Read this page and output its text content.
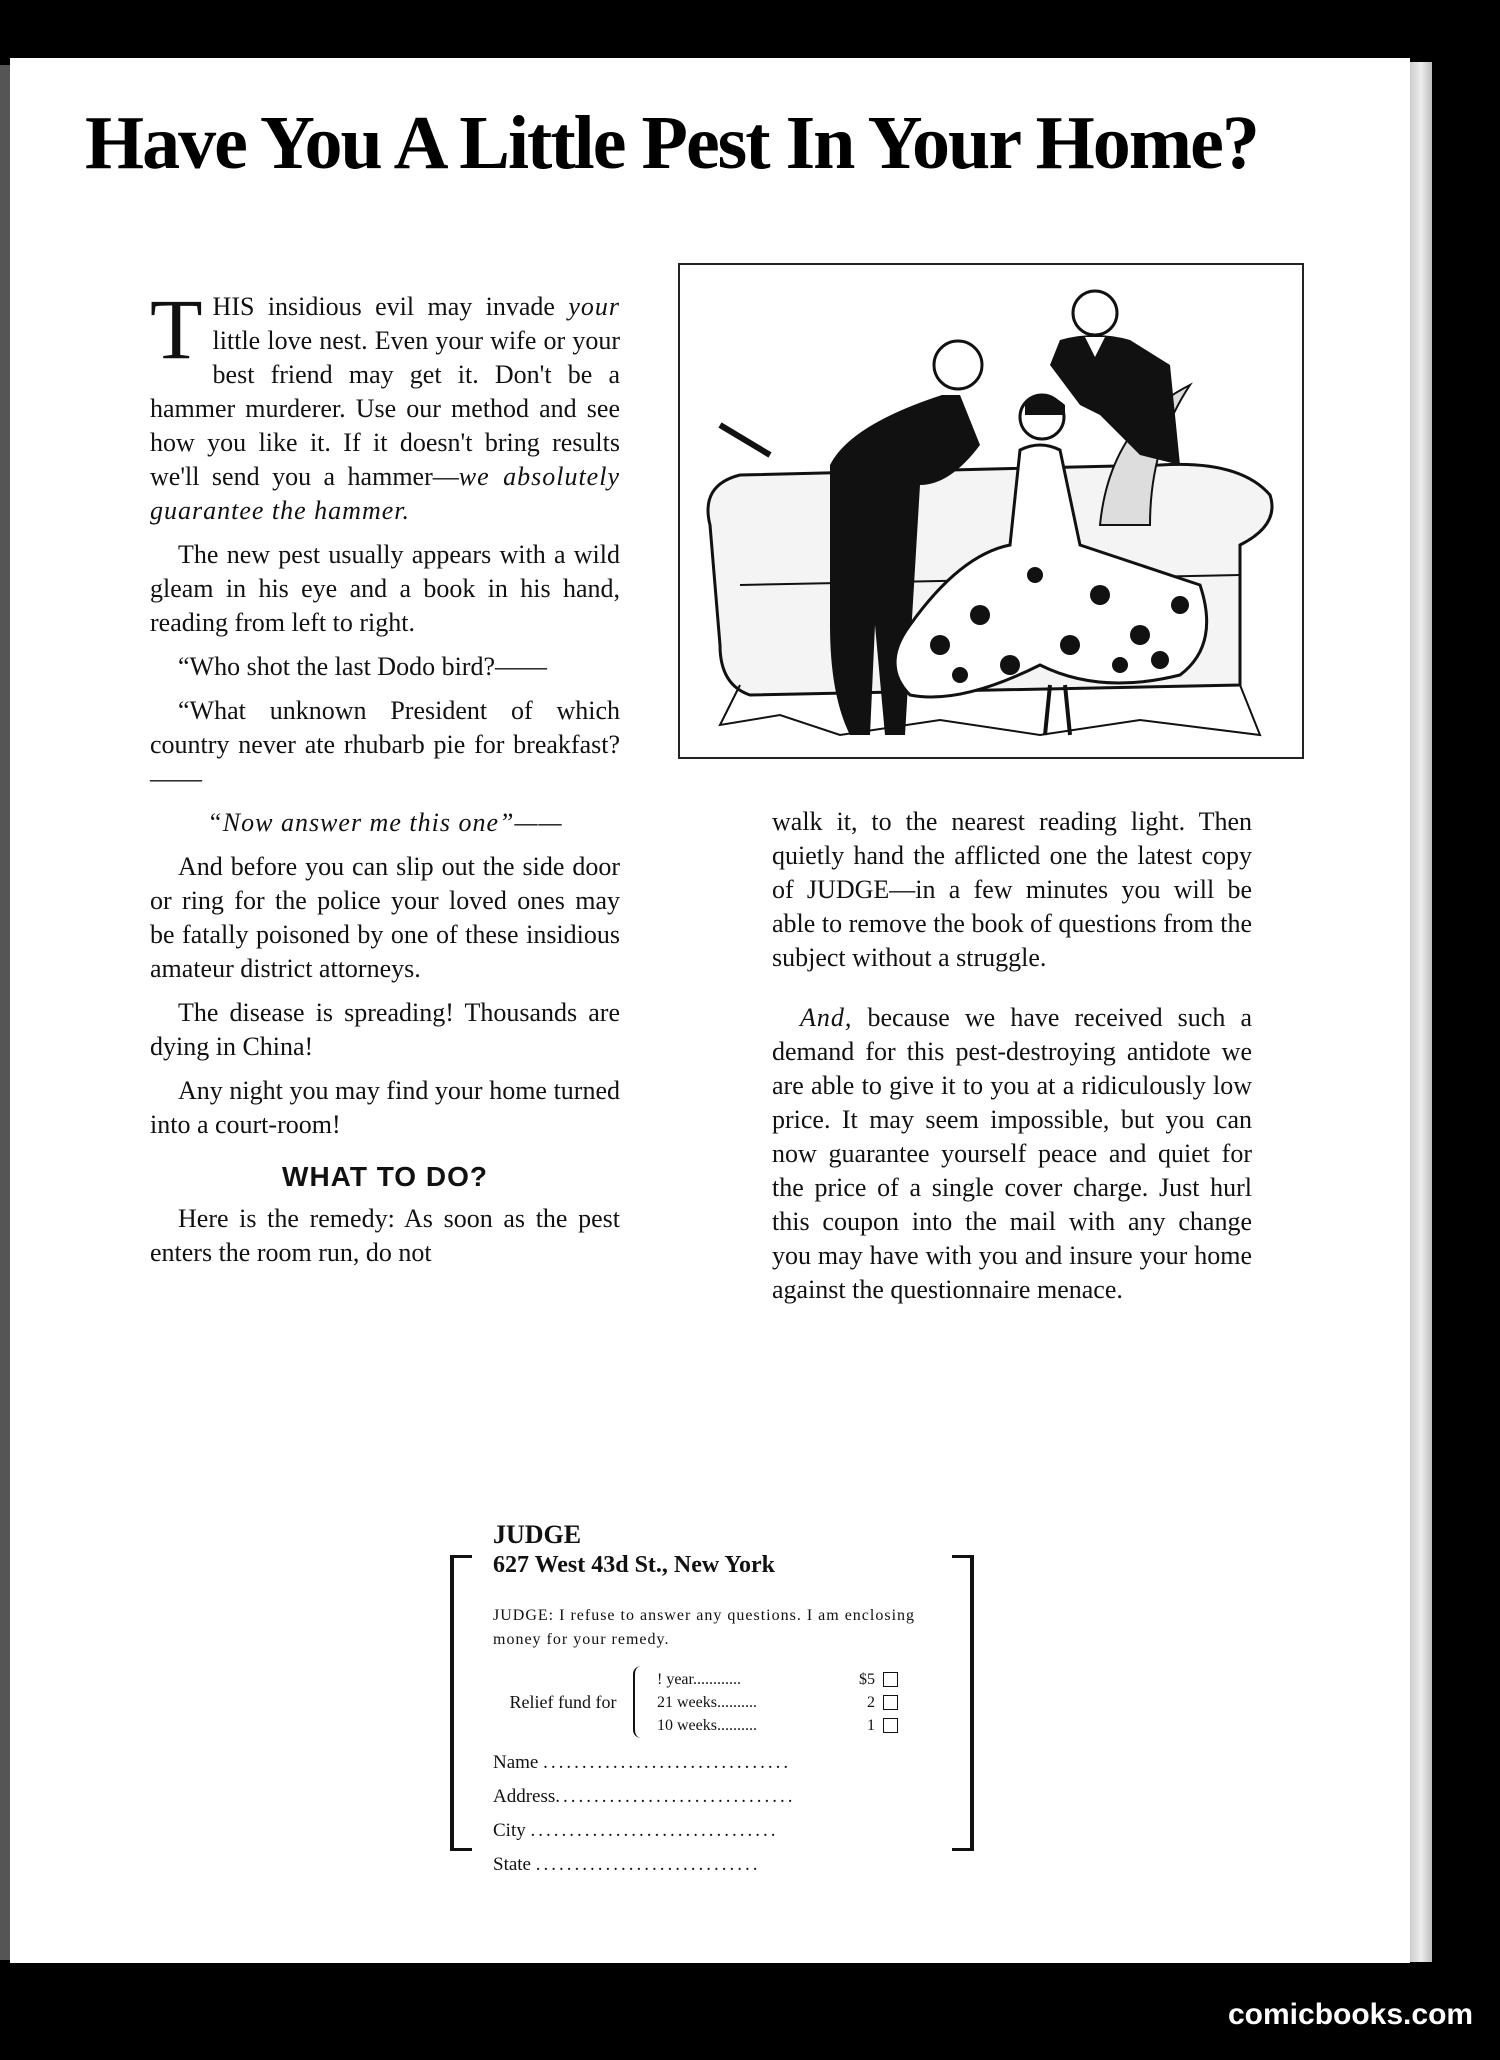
Have You A Little Pest In Your Home?

THIS insidious evil may invade your little love nest. Even your wife or your best friend may get it. Don't be a hammer murderer. Use our method and see how you like it. If it doesn't bring results we'll send you a hammer—we absolutely guarantee the hammer.

The new pest usually appears with a wild gleam in his eye and a book in his hand, reading from left to right.

“Who shot the last Dodo bird?——

“What unknown President of which country never ate rhubarb pie for breakfast?——

“Now answer me this one”——

And before you can slip out the side door or ring for the police your loved ones may be fatally poisoned by one of these insidious amateur district attorneys.

The disease is spreading! Thousands are dying in China!

Any night you may find your home turned into a court-room!

WHAT TO DO?

Here is the remedy: As soon as the pest enters the room run, do not

walk it, to the nearest reading light. Then quietly hand the afflicted one the latest copy of JUDGE—in a few minutes you will be able to remove the book of questions from the subject without a struggle.

And, because we have received such a demand for this pest-destroying antidote we are able to give it to you at a ridiculously low price. It may seem impossible, but you can now guarantee yourself peace and quiet for the price of a single cover charge. Just hurl this coupon into the mail with any change you may have with you and insure your home against the questionnaire menace.

JUDGE
627 West 43d St., New York
JUDGE: I refuse to answer any questions. I am enclosing money for your remedy.
Relief fund for
! year............	$5
21 weeks..........	2
10 weeks..........	1
Name ................................
Address...............................
City ................................
State .............................
comicbooks.com
